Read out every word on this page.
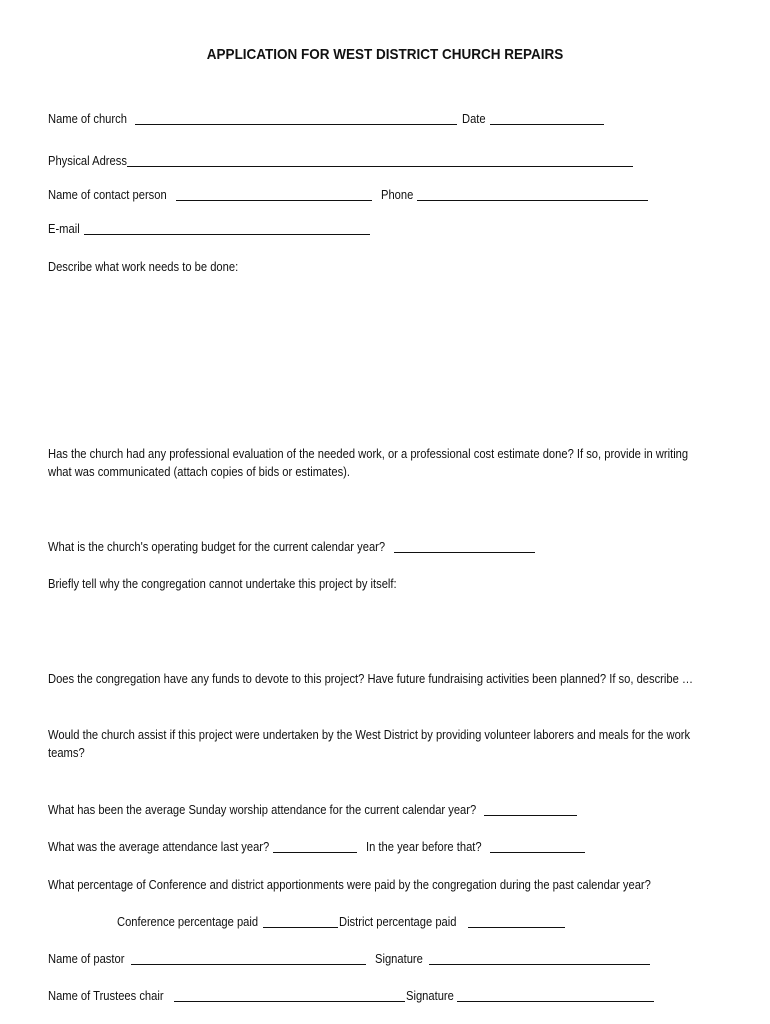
APPLICATION FOR WEST DISTRICT CHURCH REPAIRS
Name of church	Date
Physical Adress
Name of contact person	Phone
E-mail
Describe what work needs to be done:
Has the church had any professional evaluation of the needed work, or a professional cost estimate done? If so, provide in writing
what was communicated (attach copies of bids or estimates).
What is the church's operating budget for the current calendar year?
Briefly tell why the congregation cannot undertake this project by itself:
Does the congregation have any funds to devote to this project? Have future fundraising activities been planned? If so, describe …
Would the church assist if this project were undertaken by the West District by providing volunteer laborers and meals for the work
teams?
What has been the average Sunday worship attendance for the current calendar year?
What was the average attendance last year?	In the year before that?
What percentage of Conference and district apportionments were paid by the congregation during the past calendar year?
Conference percentage paid	District percentage paid
Name of pastor	Signature
Name of Trustees chair	Signature
